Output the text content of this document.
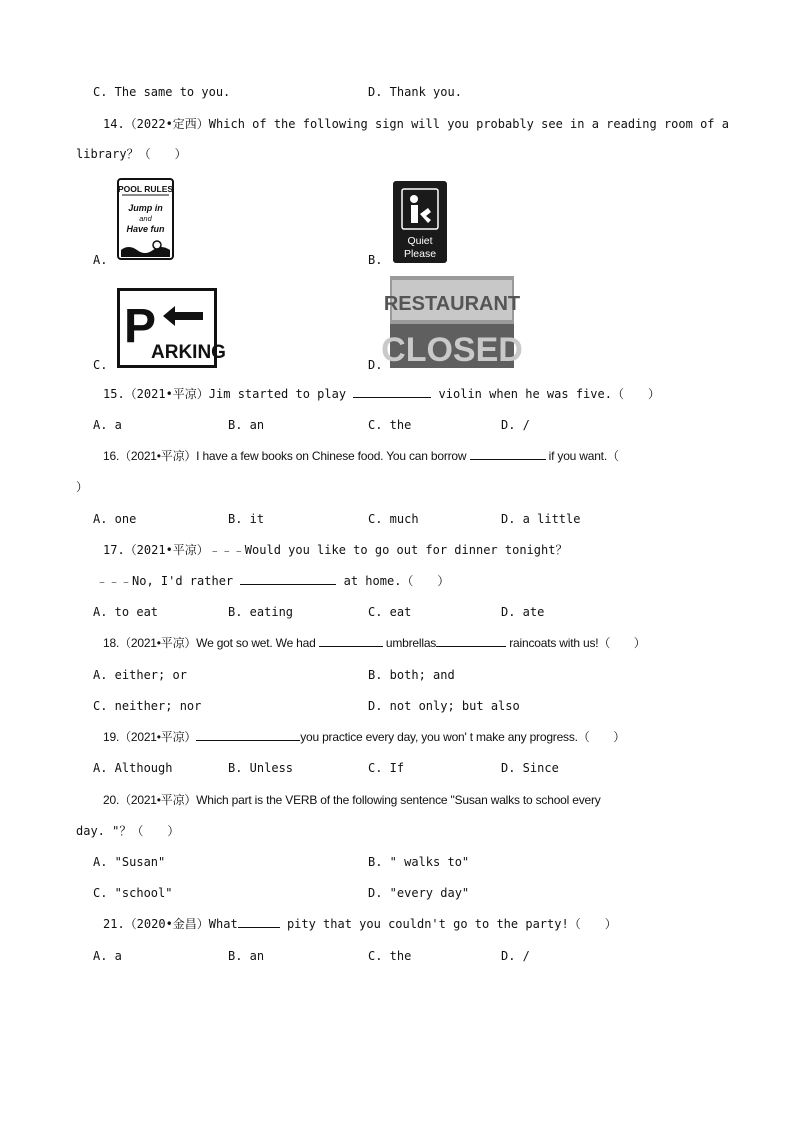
C. The same to you.	D. Thank you.
14.（2022•定西）Which of the following sign will you probably see in a reading room of a
library？（　　）
A.
POOL RULES
Jump in
and
Have fun
B.
Quiet
Please
C.
P
ARKING
D.
RESTAURANT
CLOSED
15.（2021•平凉）Jim started to play	violin when he was five.（　　）
A. a	B. an	C. the	D. /
16.（2021•平凉）I have a few books on Chinese food. You can borrow	if you want.（
）
A. one	B. it	C. much	D. a little
17.（2021•平凉）﹣﹣﹣Would you like to go out for dinner tonight？
﹣﹣﹣No, I'd rather	at home.（　　）
A. to eat	B. eating	C. eat	D. ate
18.（2021•平凉）We got so wet. We had	umbrellas	raincoats with us!（　　）
A. either; or	B. both; and
C. neither; nor	D. not only; but also
19.（2021•平凉）	you practice every day, you won' t make any progress.（　　）
A. Although	B. Unless	C. If	D. Since
20.（2021•平凉）Which part is the VERB of the following sentence "Susan walks to school every
day. "？（　　）
A. "Susan"	B. " walks to"
C. "school"	D. "every day"
21.（2020•金昌）What	pity that you couldn't go to the party!（　　）
A. a	B. an	C. the	D. /
